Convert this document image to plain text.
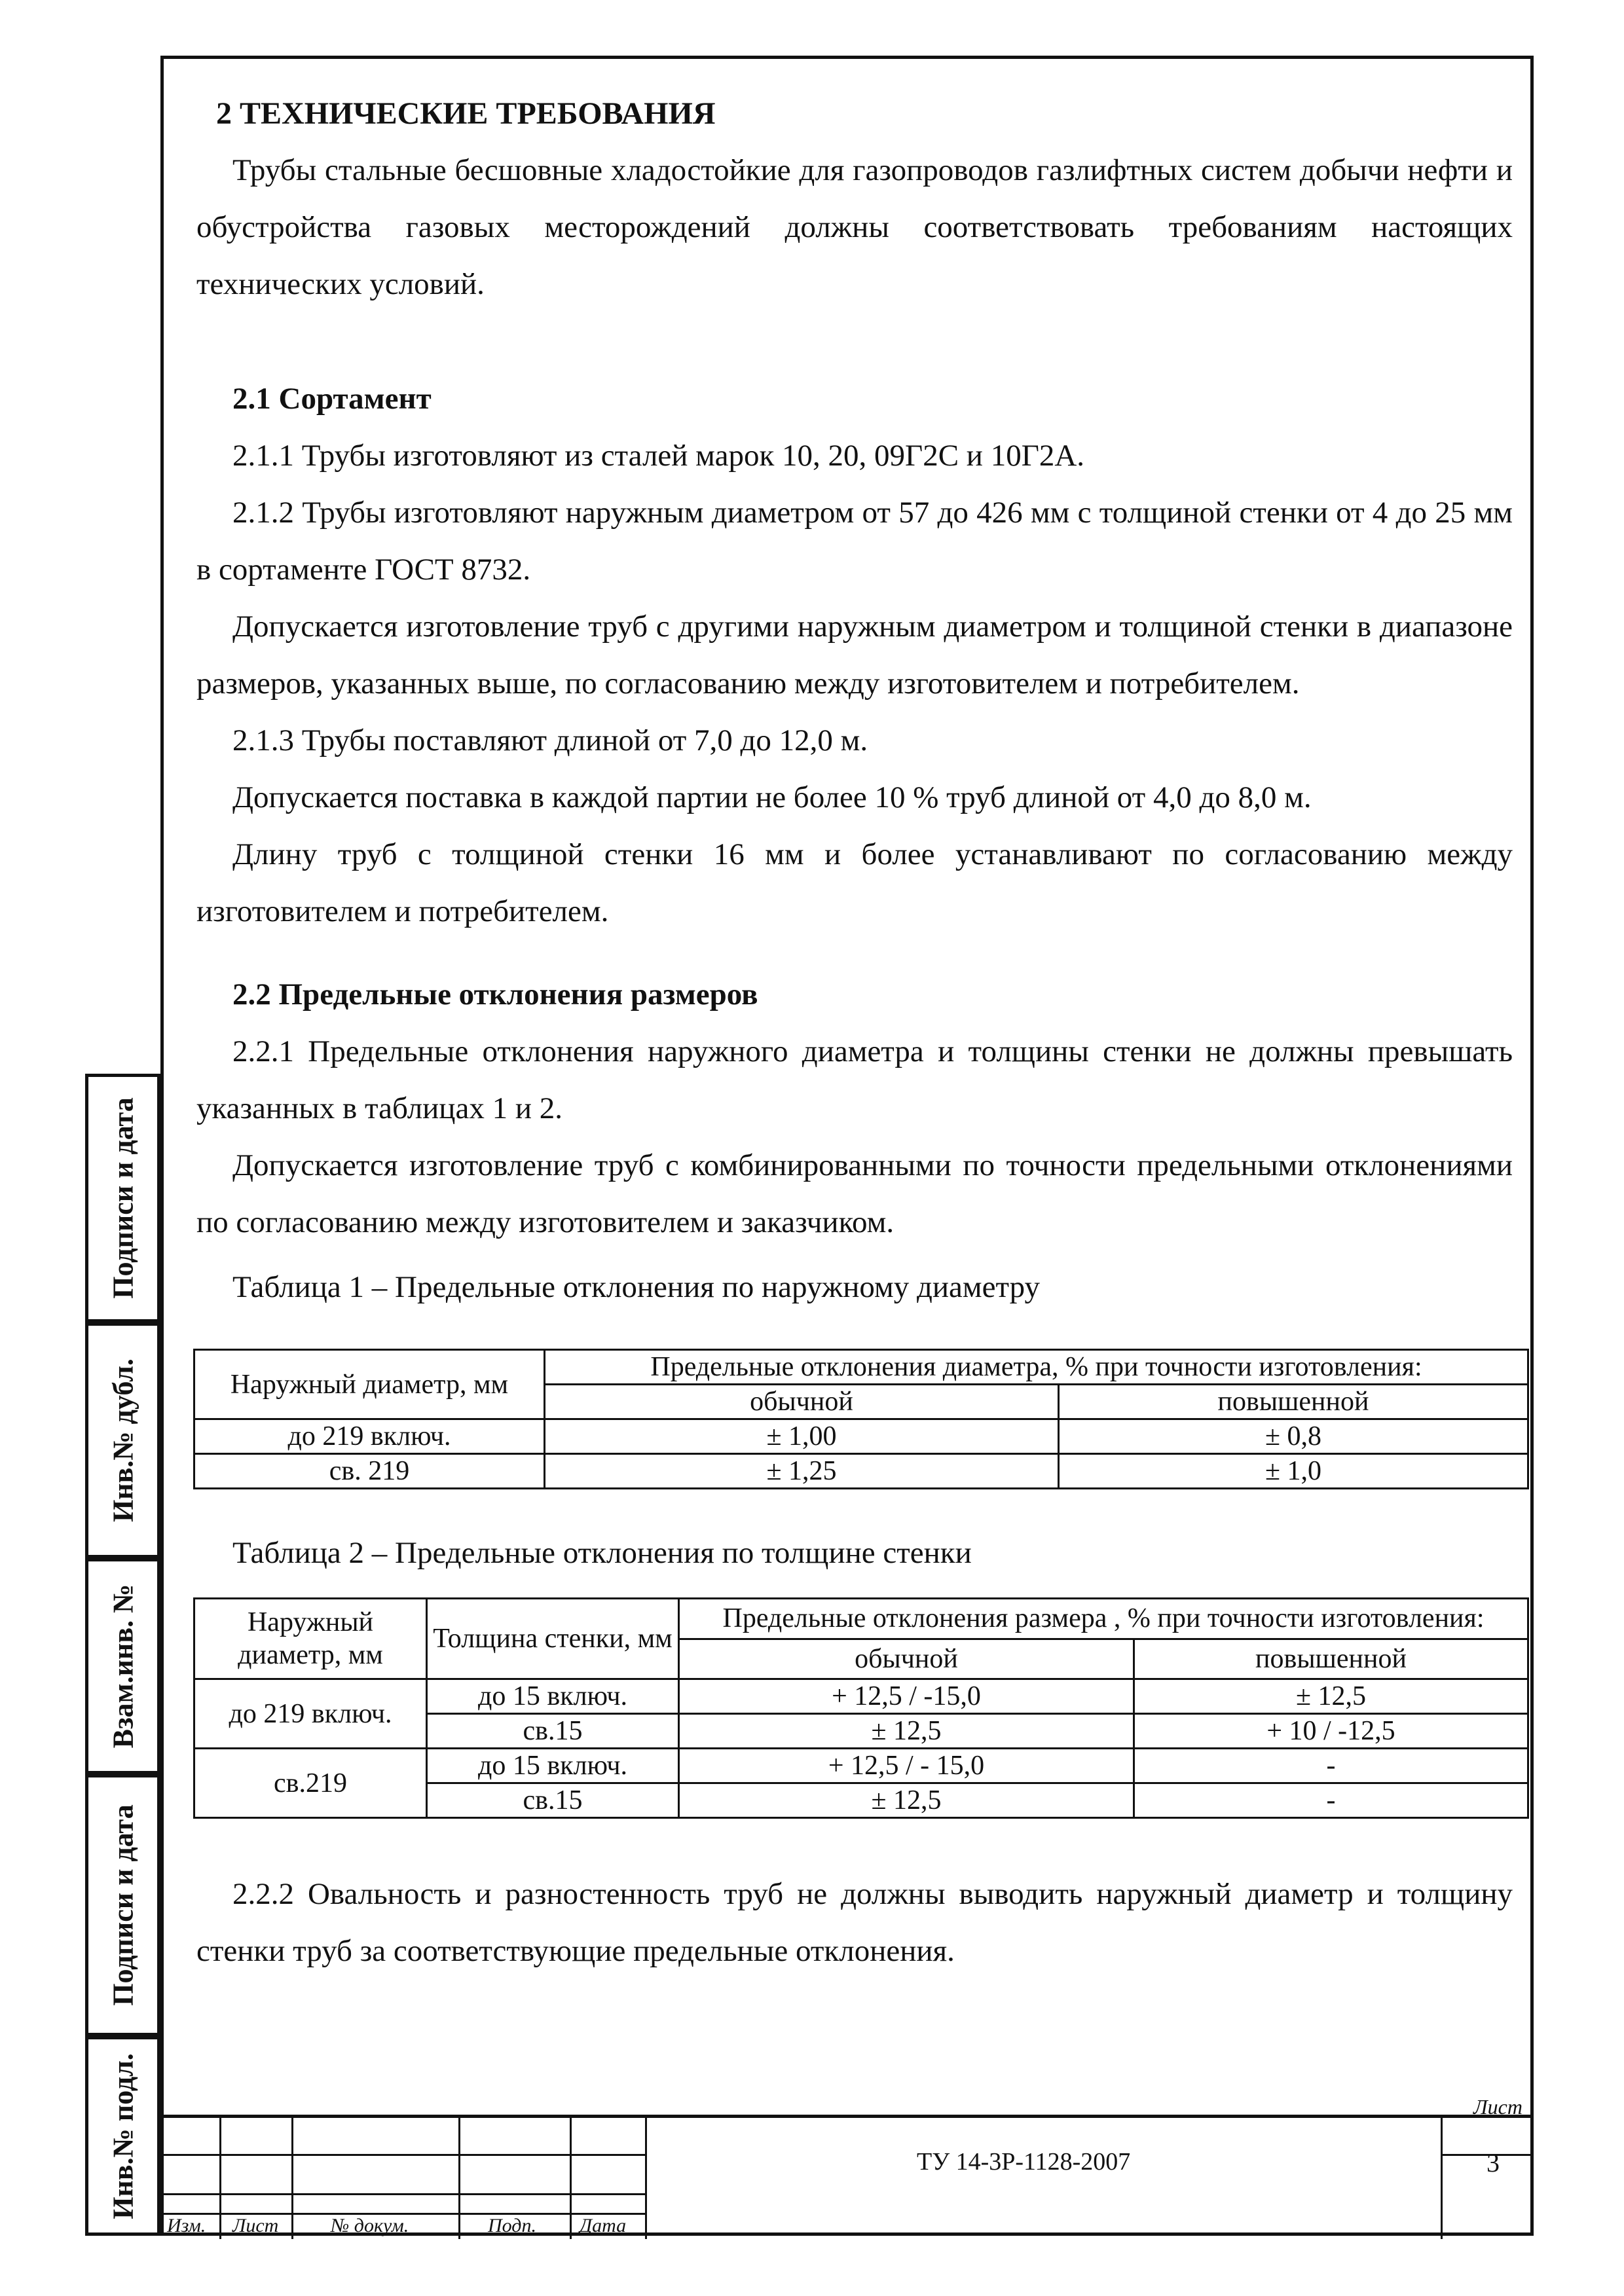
Подписи и дата
Инв.№ дубл.
Взам.инв. №
Подписи и дата
Инв.№ подл.
2 ТЕХНИЧЕСКИЕ ТРЕБОВАНИЯ

Трубы стальные бесшовные хладостойкие для газопроводов газлифтных систем добычи нефти и обустройства газовых месторождений должны соответствовать требованиям настоящих технических условий.

2.1 Сортамент

2.1.1 Трубы изготовляют из сталей марок 10, 20, 09Г2С и 10Г2А.

2.1.2 Трубы изготовляют наружным диаметром от 57 до 426 мм с толщиной стенки от 4 до 25 мм в сортаменте ГОСТ 8732.

Допускается изготовление труб с другими наружным диаметром и толщиной стенки в диапазоне размеров, указанных выше, по согласованию между изготовителем и потребителем.

2.1.3 Трубы поставляют длиной от 7,0 до 12,0 м.

Допускается поставка в каждой партии не более 10 % труб длиной от 4,0 до 8,0 м.

Длину труб с толщиной стенки 16 мм и более устанавливают по согласованию между изготовителем и потребителем.

2.2 Предельные отклонения размеров

2.2.1 Предельные отклонения наружного диаметра и толщины стенки не должны превышать указанных в таблицах 1 и 2.

Допускается изготовление труб с комбинированными по точности предельными отклонениями по согласованию между изготовителем и заказчиком.

Таблица 1 – Предельные отклонения по наружному диаметру
Наружный диаметр, мм	Предельные отклонения диаметра, % при точности изготовления:	
	обычной	повышенной
до 219 включ.	± 1,00	± 0,8
св. 219	± 1,25	± 1,0
Таблица 2 – Предельные отклонения по толщине стенки
Наружный диаметр, мм	Толщина стенки, мм	Предельные отклонения размера , % при точности изготовления:	
		обычной	повышенной
до 219 включ.	до 15 включ.	+ 12,5 / -15,0	± 12,5
	св.15	± 12,5	+ 10 / -12,5
св.219	до 15 включ.	+ 12,5 / - 15,0	-
	св.15	± 12,5	-

2.2.2 Овальность и разностенность труб не должны выводить наружный диаметр и толщину стенки труб за соответствующие предельные отклонения.

Изм. Лист	№ докум.	Подп. Дата
ТУ 14-3Р-1128-2007
Лист
3
